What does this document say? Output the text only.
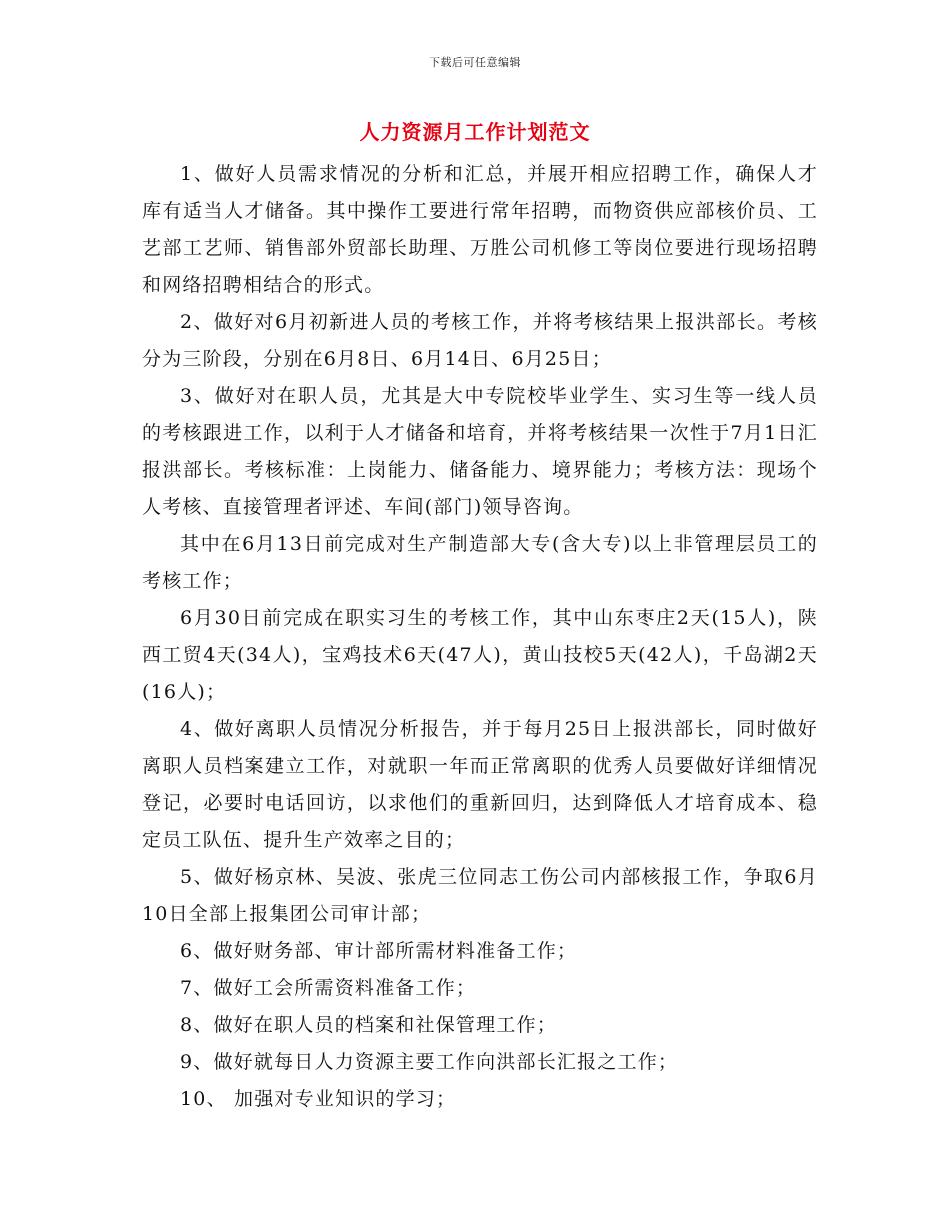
下载后可任意编辑
人力资源月工作计划范文

1、做好人员需求情况的分析和汇总，并展开相应招聘工作，确保人才库有适当人才储备。其中操作工要进行常年招聘，而物资供应部核价员、工艺部工艺师、销售部外贸部长助理、万胜公司机修工等岗位要进行现场招聘和网络招聘相结合的形式。

2、做好对6月初新进人员的考核工作，并将考核结果上报洪部长。考核分为三阶段，分别在6月8日、6月14日、6月25日；

3、做好对在职人员，尤其是大中专院校毕业学生、实习生等一线人员的考核跟进工作，以利于人才储备和培育，并将考核结果一次性于7月1日汇报洪部长。考核标准：上岗能力、储备能力、境界能力；考核方法：现场个人考核、直接管理者评述、车间(部门)领导咨询。

其中在6月13日前完成对生产制造部大专(含大专)以上非管理层员工的考核工作；

6月30日前完成在职实习生的考核工作，其中山东枣庄2天(15人)，陕西工贸4天(34人)，宝鸡技术6天(47人)，黄山技校5天(42人)，千岛湖2天(16人)；

4、做好离职人员情况分析报告，并于每月25日上报洪部长，同时做好离职人员档案建立工作，对就职一年而正常离职的优秀人员要做好详细情况登记，必要时电话回访，以求他们的重新回归，达到降低人才培育成本、稳定员工队伍、提升生产效率之目的；

5、做好杨京林、吴波、张虎三位同志工伤公司内部核报工作，争取6月10日全部上报集团公司审计部；

6、做好财务部、审计部所需材料准备工作；

7、做好工会所需资料准备工作；

8、做好在职人员的档案和社保管理工作；

9、做好就每日人力资源主要工作向洪部长汇报之工作；

10、 加强对专业知识的学习；
